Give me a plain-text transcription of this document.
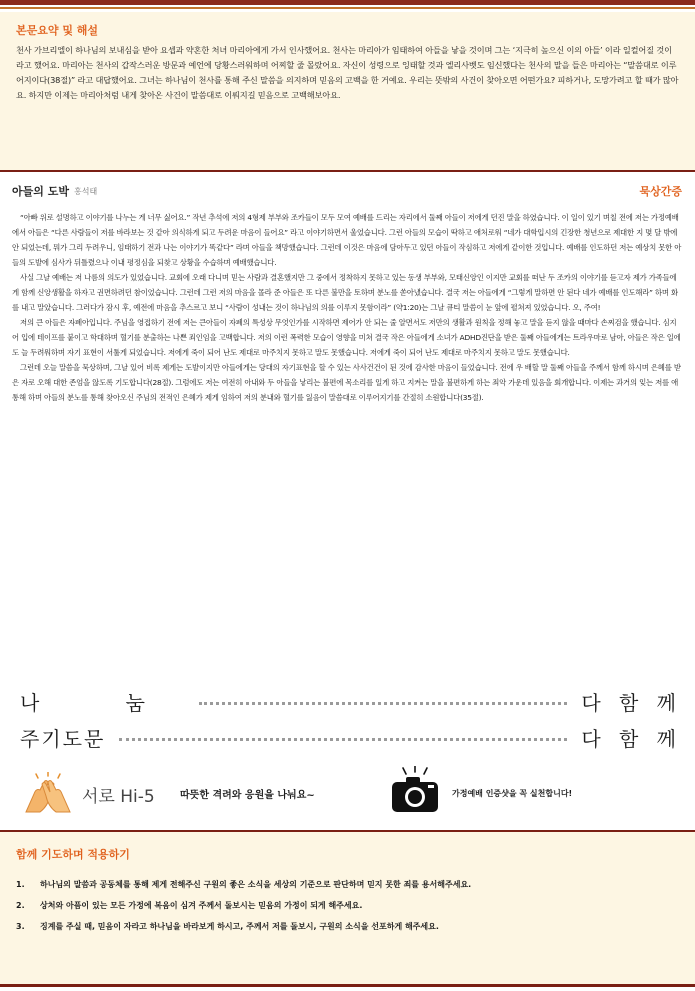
본문요약 및 해설
천사 가브리엘이 하나님의 보내심을 받아 요셉과 약혼한 처녀 마리아에게 가서 인사했어요. 천사는 마리아가 임태하여 아들을 낳을 것이며 그는 ‘지극히 높으신 이의 아들’ 이라 일컬어질 것이라고 했어요. 마리아는 천사의 갑작스러운 방문과 예언에 당황스러워하며 어찌할 줄 몰랐어요. 자신이 성령으로 잉태할 것과 엘리사벳도 임신했다는 천사의 말을 들은 마리아는 “말씀대로 이루어지이다(38절)” 라고 대답했어요. 그녀는 하나님이 천사를 통해 주신 말씀을 의지하며 믿음의 고백을 한 거예요. 우리는 뜻밖의 사건이 찾아오면 어떤가요? 피하거나, 도망가려고 할 때가 많아요. 하지만 이제는 마리아처럼 내게 찾아온 사건이 말씀대로 이뤄지길 믿음으로 고백해보아요.
아들의 도박 홍석태	묵상간증

“아빠 위로 설명하고 이야기를 나누는 게 너무 싫어요.” 작년 추석에 저의 4형제 부부와 조카들이 모두 모여 예배를 드리는 자리에서 둘째 아들이 저에게 던진 말을 하였습니다. 이 일이 있기 며칠 전에 저는 가정예배에서 아들은 “다른 사람들이 저를 바라보는 것 같아 의식하게 되고 두려운 마음이 들어요” 라고 이야기하면서 울었습니다. 그런 아들의 모습이 딱하고 애처로워 “네가 대학입시의 긴장한 청년으로 제대한 지 몇 달 밖에 안 되었는데, 뭐가 그리 두려우니, 임태하기 전과 나는 이야기가 똑같다” 라며 아들을 책망했습니다. 그런데 이것은 마음에 담아두고 있던 아들이 작심하고 저에게 같이한 것입니다. 예배를 인도하던 저는 예상치 못한 아들의 도발에 심사가 뒤틀렸으나 이내 평정심을 되찾고 상황을 수습하며 예배했습니다.

사실 그날 예배는 저 나름의 의도가 있었습니다. 교회에 오래 다니며 믿는 사람과 결혼했지만 그 중에서 정착하지 못하고 있는 동생 부부와, 모태신앙인 이지만 교회를 떠난 두 조카의 이야기를 듣고자 제가 가족들에게 함께 신앙생활을 하자고 권면하려던 참이었습니다. 그런데 그런 저의 마음을 몰라 준 아들은 또 다른 불만을 토하며 분노를 쏟아냈습니다. 결국 저는 아들에게 “그렇게 말하면 안 된다 네가 예배를 인도해라” 하며 화를 내고 말았습니다. 그러다가 잠시 후, 예전에 마음을 추스르고 보니 “사람이 성내는 것이 하나님의 의를 이루지 못함이라” (약1:20)는 그날 큐티 말씀이 눈 앞에 펼쳐져 있었습니다. 오, 주여!

저의 큰 아들은 자폐아입니다. 주님을 영접하기 전에 저는 큰아들이 자폐의 특성상 무엇인가를 시작하면 제어가 안 되는 줄 알면서도 저만의 생활과 원칙을 정해 놓고 말을 듣지 않을 때마다 손찌검을 했습니다. 심지어 입에 테이프를 붙이고 학대하며 혈기를 분출하는 나쁜 죄인임을 고백합니다. 저의 이런 폭력한 모습이 영향을 미쳐 결국 작은 아들에게 소녀가 ADHD진단을 받은 둘째 아들에게는 트라우마로 남아, 아들은 작은 일에도 늘 두려워하며 자기 표현이 서툴게 되었습니다. 저에게 죽이 되어 난도 제대로 마주치지 못하고 말도 못했습니다. 저에게 죽이 되어 난도 제대로 마주치지 못하고 말도 못했습니다.

그런데 오늘 말씀을 묵상하며, 그날 있어 비록 제게는 도발이지만 아들에게는 당대의 자기표현을 할 수 있는 사사건건이 된 것에 감사한 마음이 들었습니다. 전에 우 배할 말 둘째 아들을 주께서 함께 하시며 은혜를 받은 자로 오해 대한 존엄을 않도록 기도합니다(28절). 그럼에도 저는 여전히 아내와 두 아들을 낳리는 불편에 목소리를 일게 하고 지켜는 말을 불편하게 하는 죄악 가운데 있음을 회개합니다. 이제는 과거의 잊는 저를 애통해 하며 아들의 분노를 통해 찾아오신 주님의 전적인 은혜가 제게 임하여 저의 분내와 혈기를 잃음이 말씀대로 이루어지기를 간절히 소원합니다(35절).

나 눔	다 함 께
주기도문	다 함 께
서로 Hi-5	따뜻한 격려와 응원을 나눠요~	가정예배 인증샷을 꼭 실천합니다!
함께 기도하며 적용하기
1.	하나님의 말씀과 공동체를 통해 제게 전해주신 구원의 좋은 소식을 세상의 기준으로 판단하며 믿지 못한 죄를 용서해주세요.
2.	상처와 아픔이 있는 모든 가정에 복음이 심겨 주께서 돌보시는 믿음의 가정이 되게 해주세요.
3.	징계를 주실 때, 믿음이 자라고 하나님을 바라보게 하시고, 주께서 저를 돌보시, 구원의 소식을 선포하게 해주세요.
